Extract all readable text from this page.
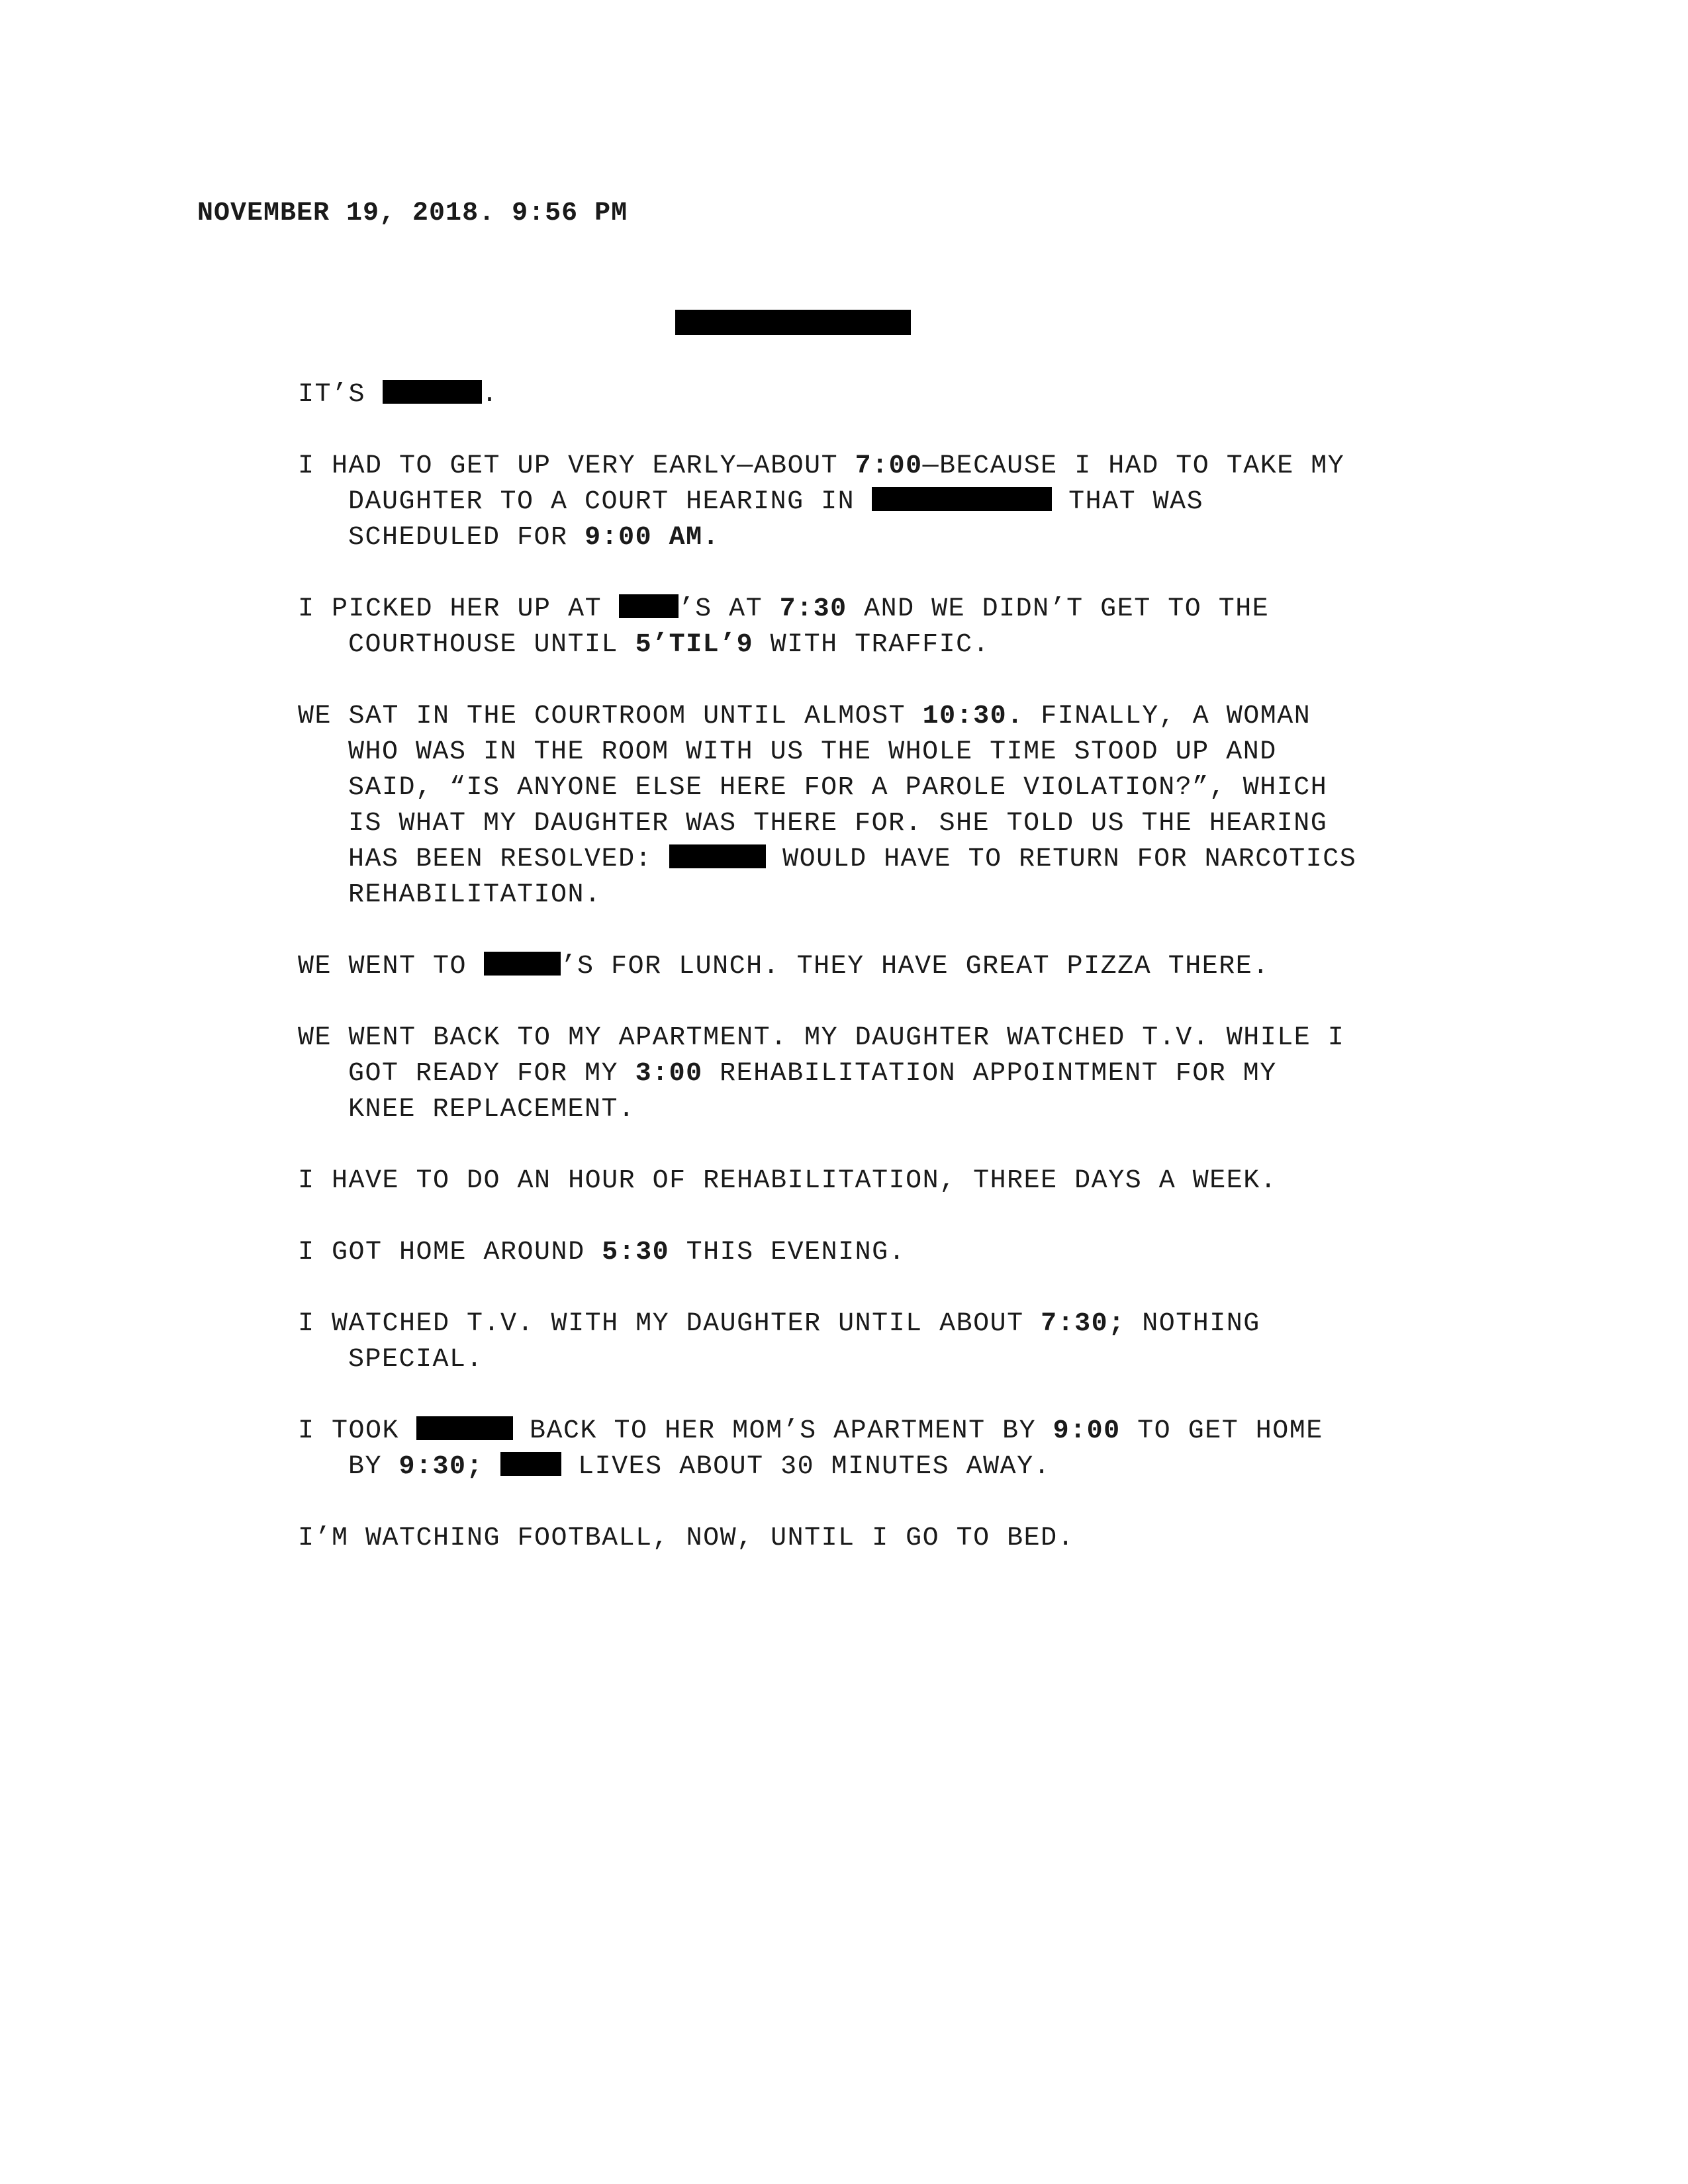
NOVEMBER 19, 2018. 9:56 PM

IT’S	.

I HAD TO GET UP VERY EARLY—ABOUT 7:00—BECAUSE I HAD TO TAKE MY DAUGHTER TO A COURT HEARING IN	THAT WAS SCHEDULED FOR 9:00 AM.

I PICKED HER UP AT ’S AT 7:30 AND WE DIDN’T GET TO THE COURTHOUSE UNTIL 5’TIL’9 WITH TRAFFIC.

WE SAT IN THE COURTROOM UNTIL ALMOST 10:30. FINALLY, A WOMAN WHO WAS IN THE ROOM WITH US THE WHOLE TIME STOOD UP AND SAID, “IS ANYONE ELSE HERE FOR A PAROLE VIOLATION?”, WHICH IS WHAT MY DAUGHTER WAS THERE FOR. SHE TOLD US THE HEARING HAS BEEN RESOLVED:	WOULD HAVE TO RETURN FOR NARCOTICS REHABILITATION.

WE WENT TO	’S FOR LUNCH. THEY HAVE GREAT PIZZA THERE.

WE WENT BACK TO MY APARTMENT. MY DAUGHTER WATCHED T.V. WHILE I GOT READY FOR MY 3:00 REHABILITATION APPOINTMENT FOR MY KNEE REPLACEMENT.

I HAVE TO DO AN HOUR OF REHABILITATION, THREE DAYS A WEEK.

I GOT HOME AROUND 5:30 THIS EVENING.

I WATCHED T.V. WITH MY DAUGHTER UNTIL ABOUT 7:30; NOTHING SPECIAL.

I TOOK	BACK TO HER MOM’S APARTMENT BY 9:00 TO GET HOME BY 9:30;	LIVES ABOUT 30 MINUTES AWAY.

I’M WATCHING FOOTBALL, NOW, UNTIL I GO TO BED.
